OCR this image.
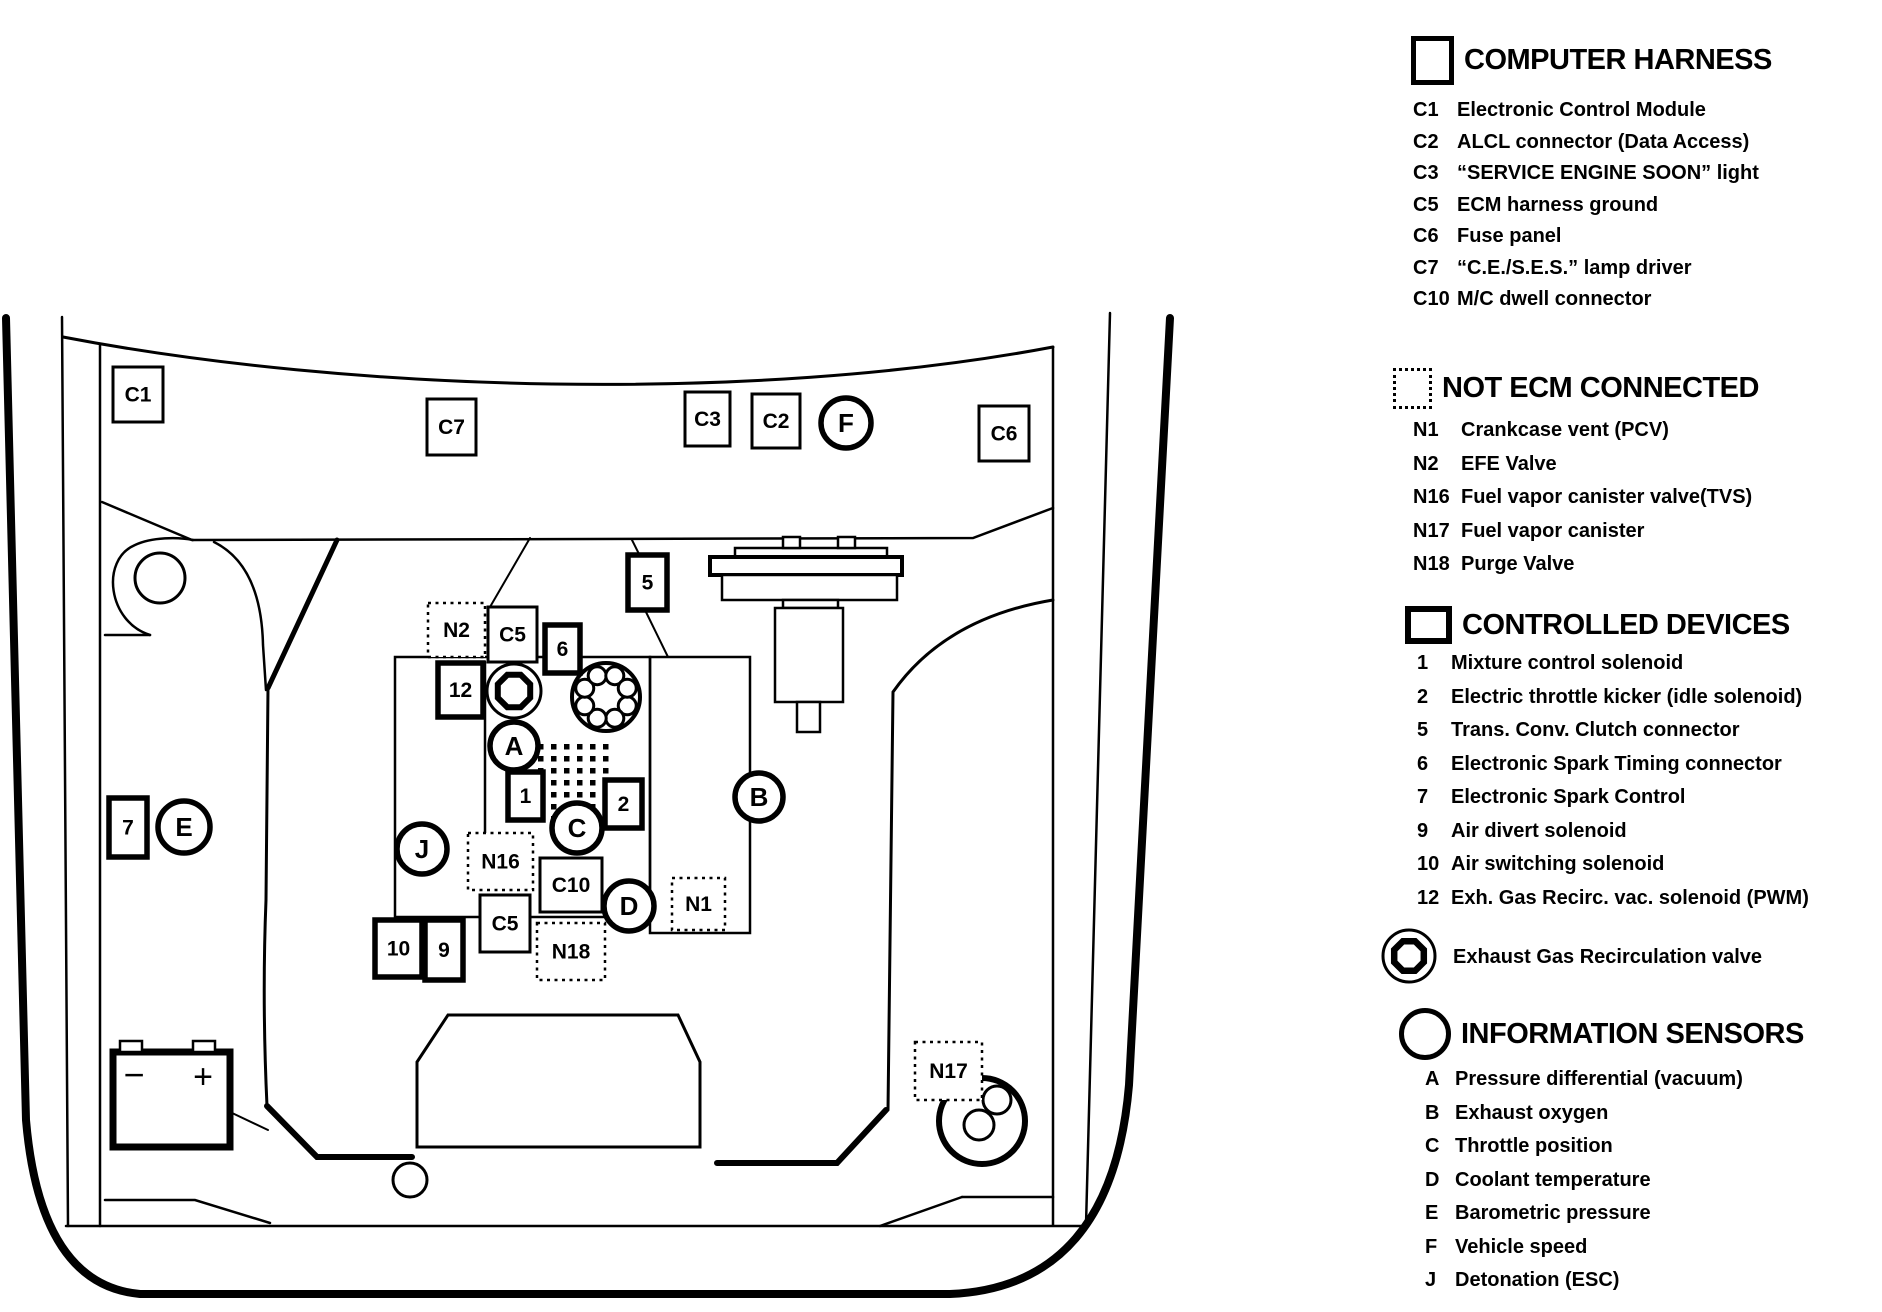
C1
C7	C3 C2
C6
5
N2 C5
6
12
1	2
7
N16
C10
N1
C5
10 9	N18
N17
F
E
A
B
C
D
J
− +
COMPUTER HARNESS
C1 Electronic Control Module
C2 ALCL connector (Data Access)
C3 “SERVICE ENGINE SOON” light
C5 ECM harness ground
C6 Fuse panel
C7 “C.E./S.E.S.” lamp driver
C10 M/C dwell connector
NOT ECM CONNECTED
N1	Crankcase vent (PCV)
N2	EFE Valve
N16 Fuel vapor canister valve(TVS)
N17 Fuel vapor canister
N18 Purge Valve
CONTROLLED DEVICES
1	Mixture control solenoid
2	Electric throttle kicker (idle solenoid)
5	Trans. Conv. Clutch connector
6	Electronic Spark Timing connector
7	Electronic Spark Control
9	Air divert solenoid
10 Air switching solenoid
12 Exh. Gas Recirc. vac. solenoid (PWM)
Exhaust Gas Recirculation valve
INFORMATION SENSORS
A Pressure differential (vacuum)
B Exhaust oxygen
C Throttle position
D Coolant temperature
E Barometric pressure
F Vehicle speed
J Detonation (ESC)
